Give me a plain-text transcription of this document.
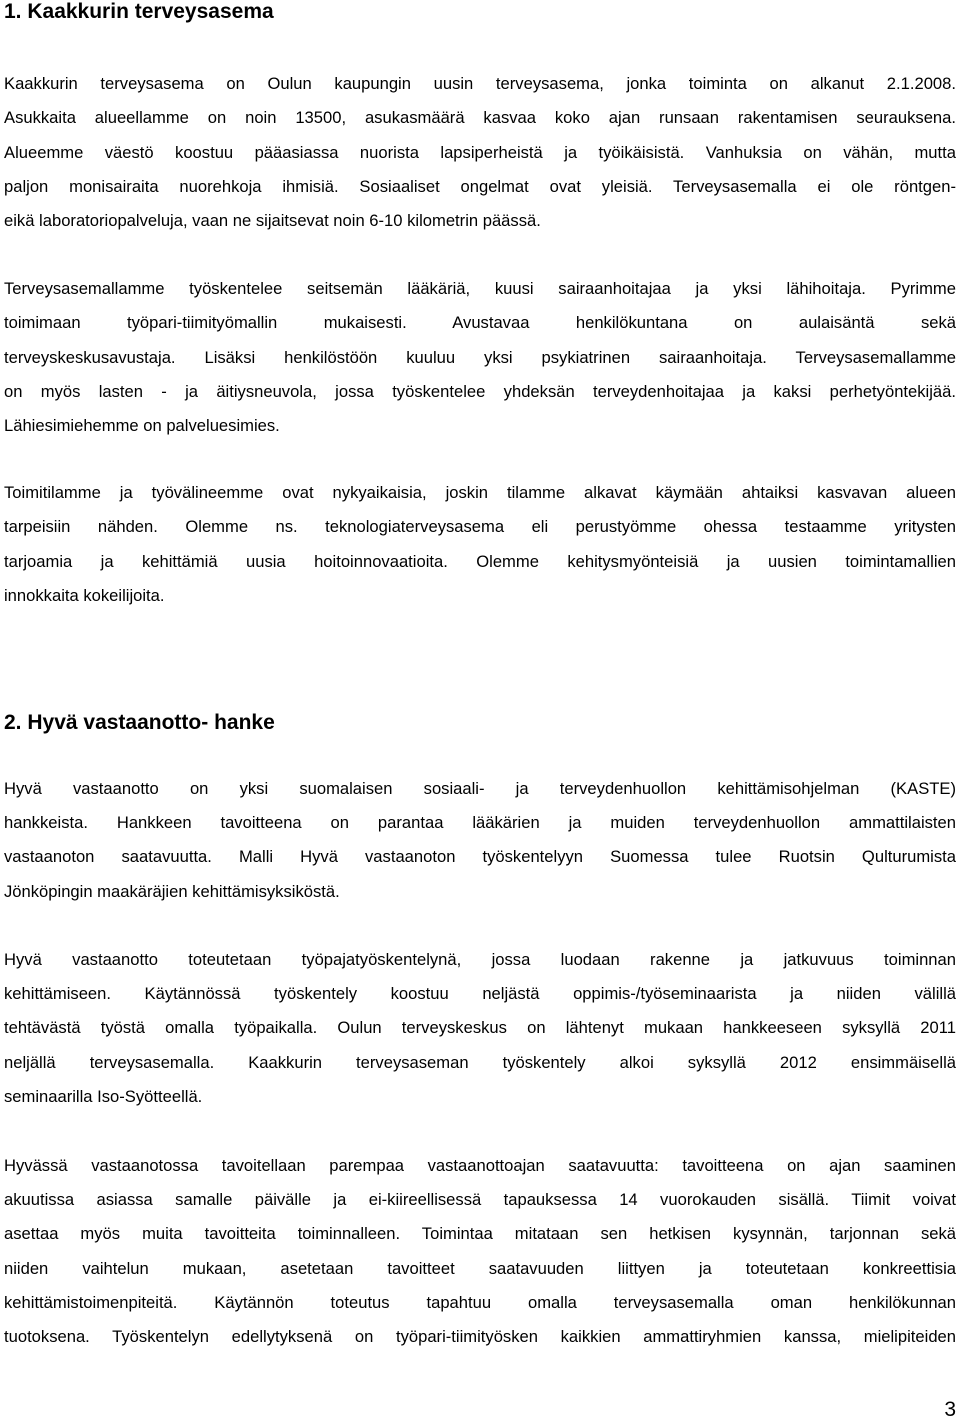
1. Kaakkurin terveysasema

Kaakkurin terveysasema on Oulun kaupungin uusin terveysasema, jonka toiminta on alkanut 2.1.2008.
Asukkaita alueellamme on noin 13500, asukasmäärä kasvaa koko ajan runsaan rakentamisen seurauksena.
Alueemme väestö koostuu pääasiassa nuorista lapsiperheistä ja työikäisistä. Vanhuksia on vähän, mutta
paljon monisairaita nuorehkoja ihmisiä. Sosiaaliset ongelmat ovat yleisiä. Terveysasemalla ei ole röntgen-
eikä laboratoriopalveluja, vaan ne sijaitsevat noin 6-10 kilometrin päässä.

Terveysasemallamme työskentelee seitsemän lääkäriä, kuusi sairaanhoitajaa ja yksi lähihoitaja. Pyrimme
toimimaan työpari-tiimityömallin mukaisesti. Avustavaa henkilökuntana on aulaisäntä sekä
terveyskeskusavustaja. Lisäksi henkilöstöön kuuluu yksi psykiatrinen sairaanhoitaja. Terveysasemallamme
on myös lasten - ja äitiysneuvola, jossa työskentelee yhdeksän terveydenhoitajaa ja kaksi perhetyöntekijää.
Lähiesimiehemme on palveluesimies.

Toimitilamme ja työvälineemme ovat nykyaikaisia, joskin tilamme alkavat käymään ahtaiksi kasvavan alueen
tarpeisiin nähden. Olemme ns. teknologiaterveysasema eli perustyömme ohessa testaamme yritysten
tarjoamia ja kehittämiä uusia hoitoinnovaatioita. Olemme kehitysmyönteisiä ja uusien toimintamallien
innokkaita kokeilijoita.

2. Hyvä vastaanotto- hanke

Hyvä vastaanotto on yksi suomalaisen sosiaali- ja terveydenhuollon kehittämisohjelman (KASTE)
hankkeista. Hankkeen tavoitteena on parantaa lääkärien ja muiden terveydenhuollon ammattilaisten
vastaanoton saatavuutta. Malli Hyvä vastaanoton työskentelyyn Suomessa tulee Ruotsin Qulturumista
Jönköpingin maakäräjien kehittämisyksiköstä.

Hyvä vastaanotto toteutetaan työpajatyöskentelynä, jossa luodaan rakenne ja jatkuvuus toiminnan
kehittämiseen. Käytännössä työskentely koostuu neljästä oppimis-/työseminaarista ja niiden välillä
tehtävästä työstä omalla työpaikalla. Oulun terveyskeskus on lähtenyt mukaan hankkeeseen syksyllä 2011
neljällä terveysasemalla. Kaakkurin terveysaseman työskentely alkoi syksyllä 2012 ensimmäisellä
seminaarilla Iso-Syötteellä.

Hyvässä vastaanotossa tavoitellaan parempaa vastaanottoajan saatavuutta: tavoitteena on ajan saaminen
akuutissa asiassa samalle päivälle ja ei-kiireellisessä tapauksessa 14 vuorokauden sisällä. Tiimit voivat
asettaa myös muita tavoitteita toiminnalleen. Toimintaa mitataan sen hetkisen kysynnän, tarjonnan sekä
niiden vaihtelun mukaan, asetetaan tavoitteet saatavuuden liittyen ja toteutetaan konkreettisia
kehittämistoimenpiteitä. Käytännön toteutus tapahtuu omalla terveysasemalla oman henkilökunnan
tuotoksena. Työskentelyn edellytyksenä on työpari-tiimityösken kaikkien ammattiryhmien kanssa, mielipiteiden

3
